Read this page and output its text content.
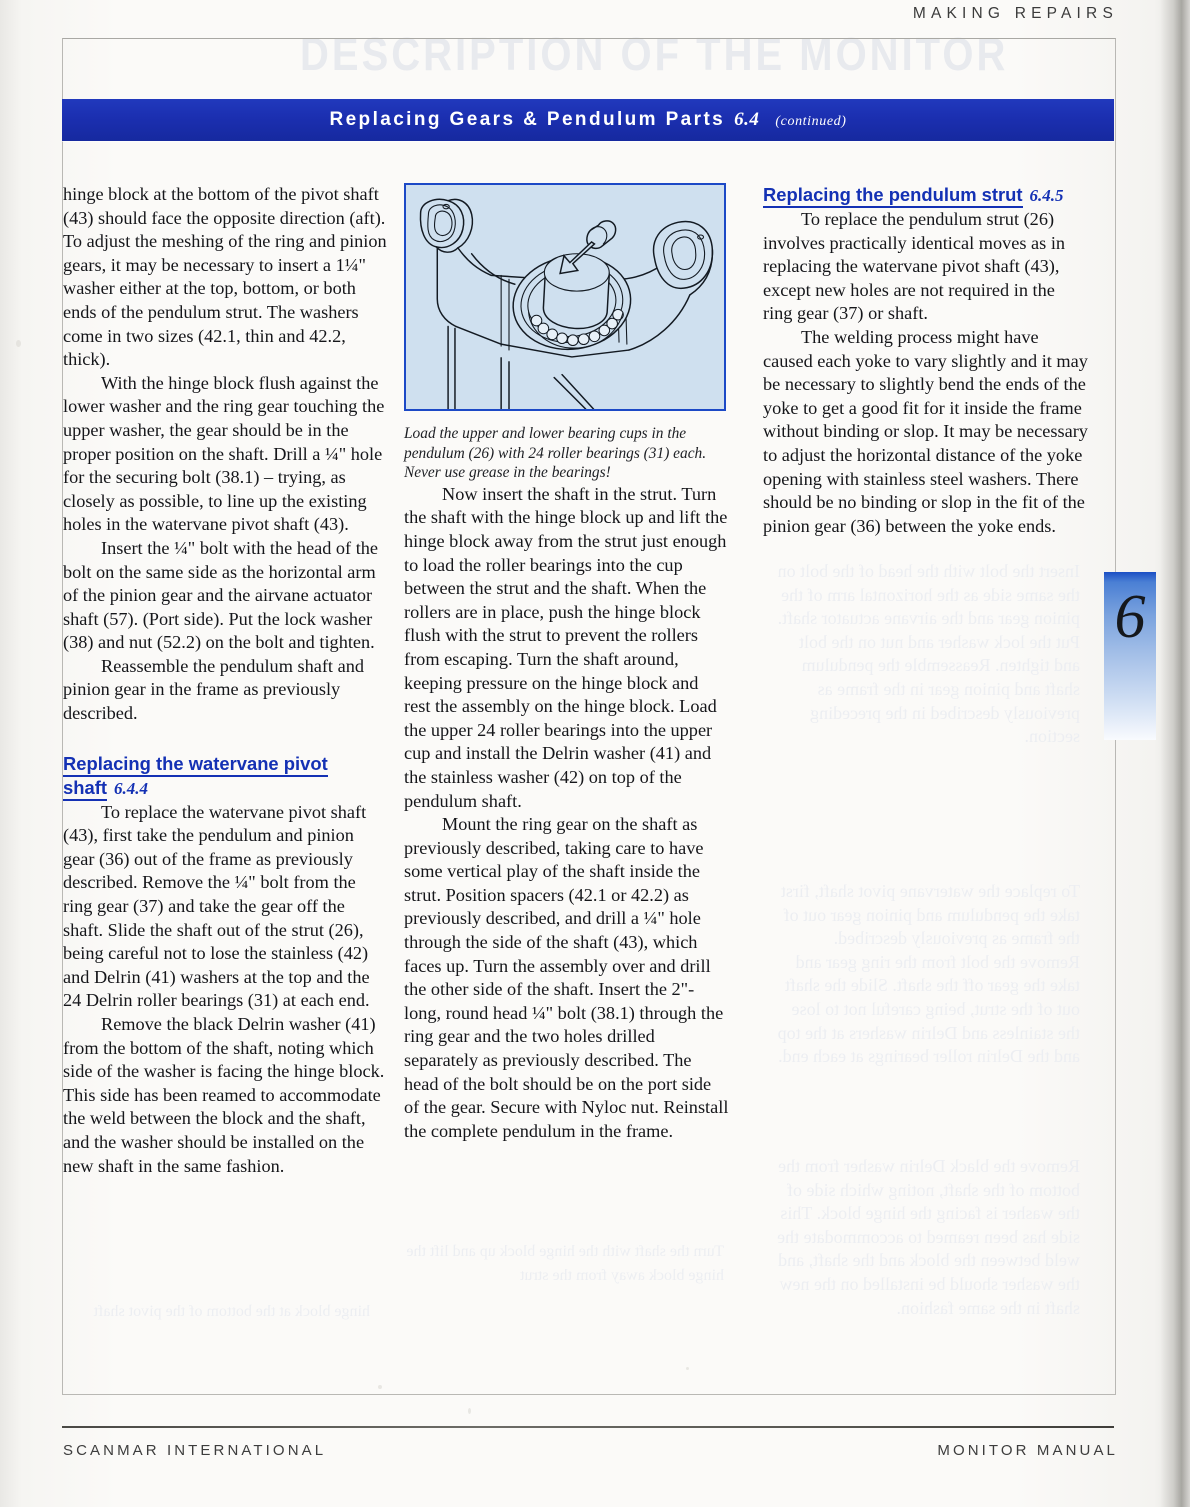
DESCRIPTION OF THE MONITOR
MAKING REPAIRS
Replacing Gears & Pendulum Parts 6.4 (continued)
6

hinge block at the bottom of the pivot shaft (43) should face the opposite direction (aft). To adjust the meshing of the ring and pinion gears, it may be necessary to insert a 1¼" washer either at the top, bottom, or both ends of the pendulum strut. The washers come in two sizes (42.1, thin and 42.2, thick).

With the hinge block flush against the lower washer and the ring gear touching the upper washer, the gear should be in the proper position on the shaft. Drill a ¼" hole for the securing bolt (38.1) – trying, as closely as possible, to line up the existing holes in the watervane pivot shaft (43).

Insert the ¼" bolt with the head of the bolt on the same side as the horizontal arm of the pinion gear and the airvane actuator shaft (57). (Port side). Put the lock washer (38) and nut (52.2) on the bolt and tighten.

Reassemble the pendulum shaft and pinion gear in the frame as previously described.

Replacing the watervane pivot shaft 6.4.4

To replace the watervane pivot shaft (43), first take the pendulum and pinion gear (36) out of the frame as previously described. Remove the ¼" bolt from the ring gear (37) and take the gear off the shaft. Slide the shaft out of the strut (26), being careful not to lose the stainless (42) and Delrin (41) washers at the top and the 24 Delrin roller bearings (31) at each end.

Remove the black Delrin washer (41) from the bottom of the shaft, noting which side of the washer is facing the hinge block. This side has been reamed to accommodate the weld between the block and the shaft, and the washer should be installed on the new shaft in the same fashion.

Load the upper and lower bearing cups in the pendulum (26) with 24 roller bearings (31) each. Never use grease in the bearings!

Now insert the shaft in the strut. Turn the shaft with the hinge block up and lift the hinge block away from the strut just enough to load the roller bearings into the cup between the strut and the shaft. When the rollers are in place, push the hinge block flush with the strut to prevent the rollers from escaping. Turn the shaft around, keeping pressure on the hinge block and rest the assembly on the hinge block. Load the upper 24 roller bearings into the upper cup and install the Delrin washer (41) and the stainless washer (42) on top of the pendulum shaft.

Mount the ring gear on the shaft as previously described, taking care to have some vertical play of the shaft inside the strut. Position spacers (42.1 or 42.2) as previously described, and drill a ¼" hole through the side of the shaft (43), which faces up. Turn the assembly over and drill the other side of the shaft. Insert the 2"-long, round head ¼" bolt (38.1) through the ring gear and the two holes drilled separately as previously described. The head of the bolt should be on the port side of the gear. Secure with Nyloc nut. Reinstall the complete pendulum in the frame.

Replacing the pendulum strut 6.4.5

To replace the pendulum strut (26) involves practically identical moves as in replacing the watervane pivot shaft (43), except new holes are not required in the ring gear (37) or shaft.

The welding process might have caused each yoke to vary slightly and it may be necessary to slightly bend the ends of the yoke to get a good fit for it inside the frame without binding or slop. It may be necessary to adjust the horizontal distance of the yoke opening with stainless steel washers. There should be no binding or slop in the fit of the pinion gear (36) between the yoke ends.

Insert the bolt with the head of the bolt on the same side as the horizontal arm of the pinion gear and the airvane actuator shaft. Put the lock washer and nut on the bolt and tighten. Reassemble the pendulum shaft and pinion gear in the frame as previously described in the preceding section.
To replace the watervane pivot shaft, first take the pendulum and pinion gear out of the frame as previously described. Remove the bolt from the ring gear and take the gear off the shaft. Slide the shaft out of the strut, being careful not to lose the stainless and Delrin washers at the top and the Delrin roller bearings at each end.
Remove the black Delrin washer from the bottom of the shaft, noting which side of the washer is facing the hinge block. This side has been reamed to accommodate the weld between the block and the shaft, and the washer should be installed on the new shaft in the same fashion.
hinge block at the bottom of the pivot shaft
Turn the shaft with the hinge block up and lift the hinge block away from the strut
SCANMAR INTERNATIONAL	MONITOR MANUAL
